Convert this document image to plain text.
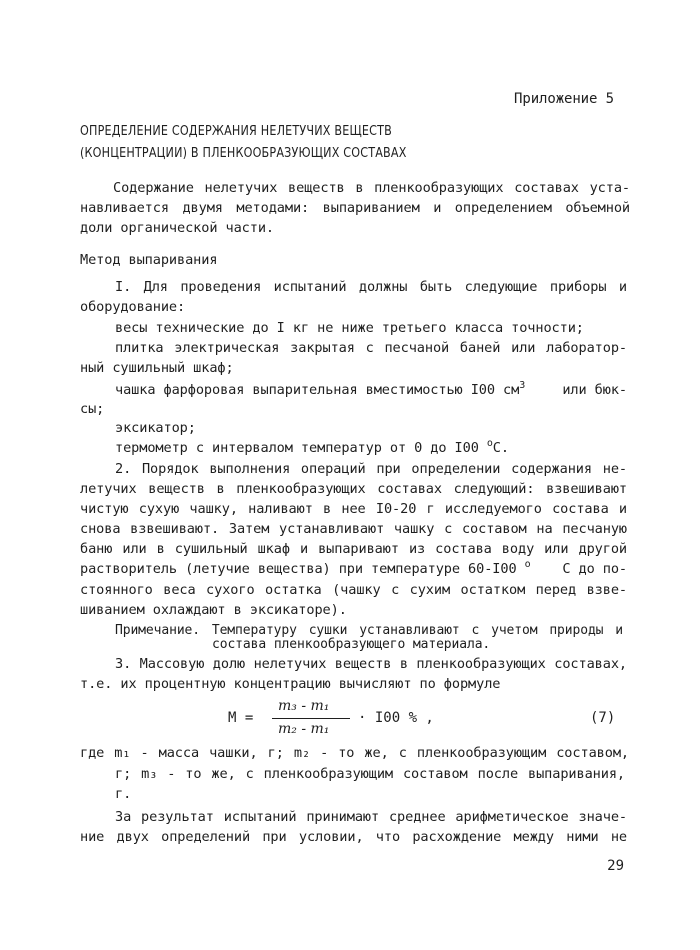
Приложение 5
ОПРЕДЕЛЕНИЕ СОДЕРЖАНИЯ НЕЛЕТУЧИХ ВЕЩЕСТВ
(КОНЦЕНТРАЦИИ) В ПЛЕНКООБРАЗУЮЩИХ СОСТАВАХ
Содержание нелетучих веществ в пленкообразующих составах уста-
навливается двумя методами: выпариванием и определением объемной
доли органической части.
Метод выпаривания
I. Для проведения испытаний должны быть следующие приборы и
оборудование:
весы технические до I кг не ниже третьего класса точности;
плитка электрическая закрытая с песчаной баней или лаборатор-
ный сушильный шкаф;
чашка фарфоровая выпарительная вместимостью I00 $см^3$	или бюк-
сы;
эксикатор;
термометр с интервалом температур от 0 до I00 $^о$С.
2. Порядок выполнения операций при определении содержания не-
летучих веществ в пленкообразующих составах следующий: взвешивают
чистую сухую чашку, наливают в нее I0-20 г исследуемого состава и
снова взвешивают. Затем устанавливают чашку с составом на песчаную
баню или в сушильный шкаф и выпаривают из состава воду или другой
растворитель (летучие вещества) при температуре 60-I00 $^о$ С до по-
стоянного веса сухого остатка (чашку с сухим остатком перед взве-
шиванием охлаждают в эксикаторе).
Примечание. Температуру сушки устанавливают с учетом природы и
состава пленкообразующего материала.
3. Массовую долю нелетучих веществ в пленкообразующих составах,
т.е. их процентную концентрацию вычисляют по формуле
М =
m₃ - m₁
m₂ - m₁
· I00 % ,	(7)
где m₁ - масса чашки, г; m₂ - то же, с пленкообразующим составом,
г; m₃ - то же, с пленкообразующим составом после выпаривания,
г.
За результат испытаний принимают среднее арифметическое значе-
ние двух определений при условии, что расхождение между ними не
29
